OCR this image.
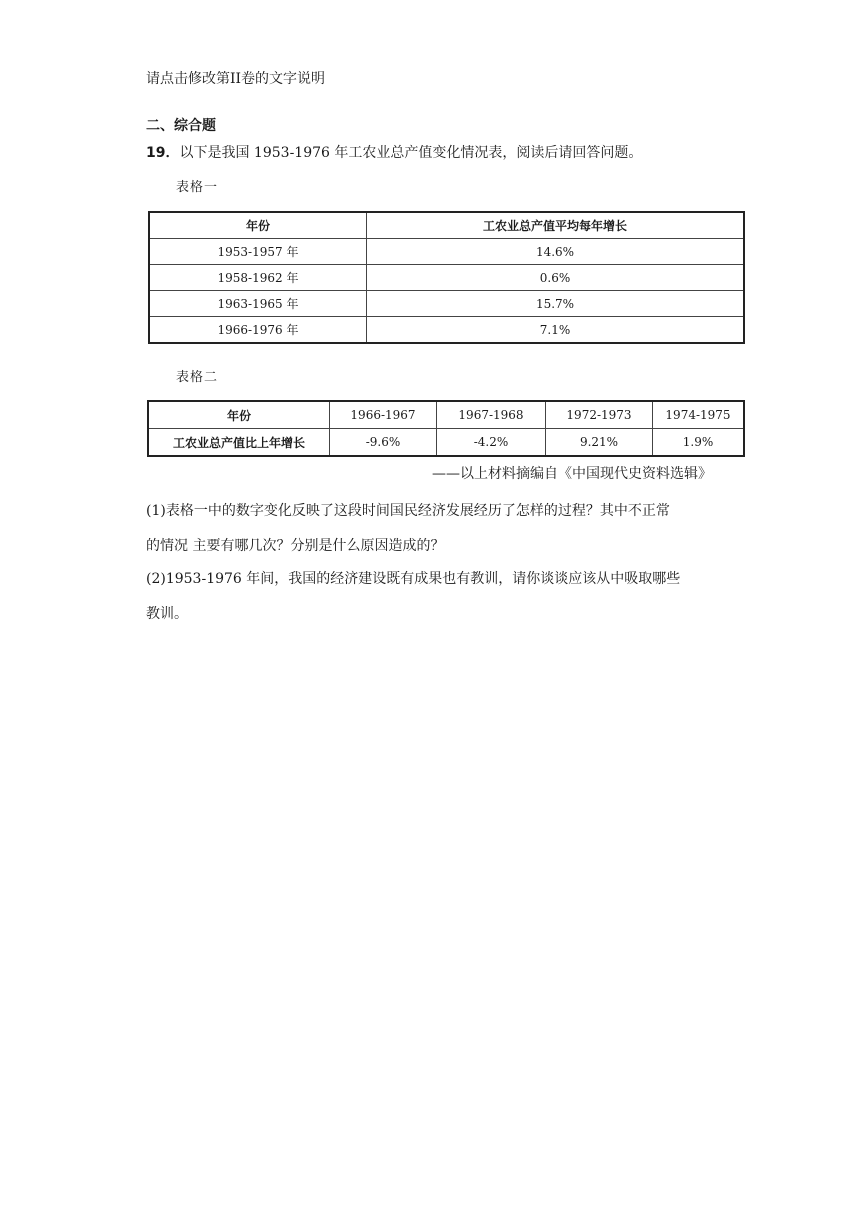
请点击修改第II卷的文字说明
二、综合题
19．以下是我国 1953-1976 年工农业总产值变化情况表，阅读后请回答问题。
表格一
年份	工农业总产值平均每年增长
1953-1957 年	14.6%
1958-1962 年	0.6%
1963-1965 年	15.7%
1966-1976 年	7.1%
表格二
年份	1966-1967	1967-1968	1972-1973	1974-1975
工农业总产值比上年增长	-9.6%	-4.2%	9.21%	1.9%
——以上材料摘编自《中国现代史资料选辑》
(1)表格一中的数字变化反映了这段时间国民经济发展经历了怎样的过程？其中不正常
的情况 主要有哪几次？分别是什么原因造成的？
(2)1953-1976 年间，我国的经济建设既有成果也有教训，请你谈谈应该从中吸取哪些
教训。
